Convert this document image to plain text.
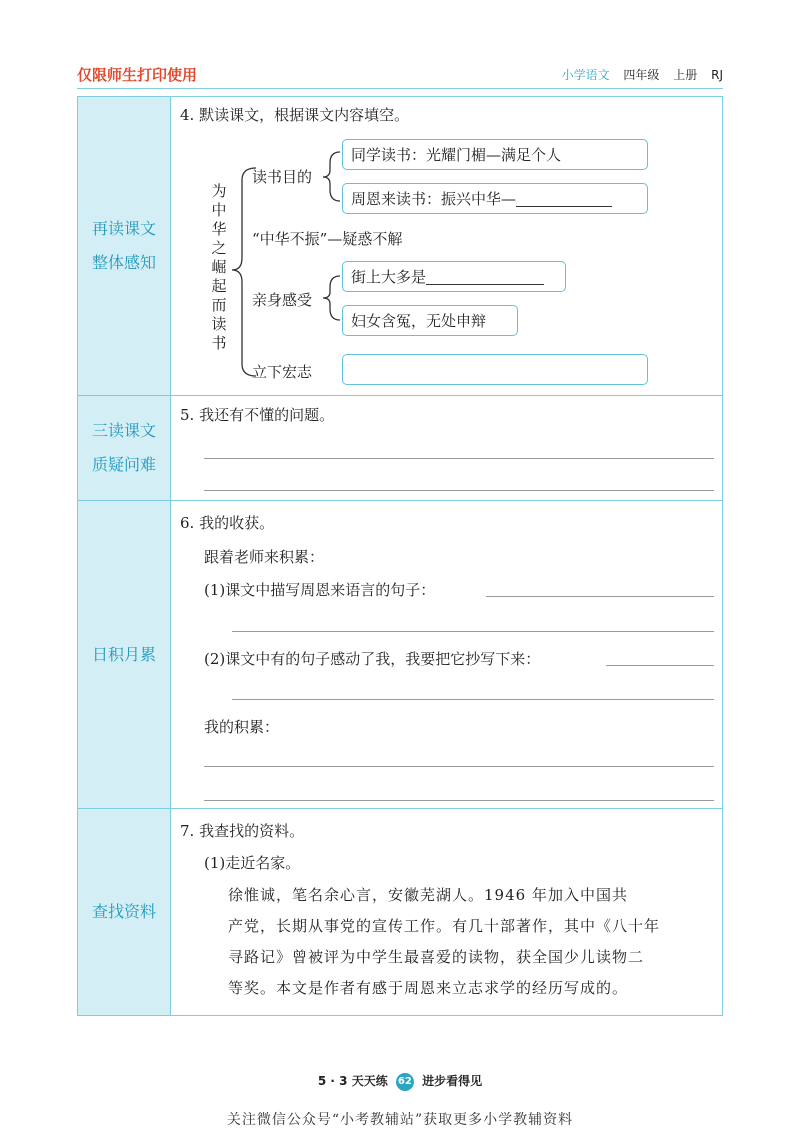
仅限师生打印使用	小学语文 四年级 上册 RJ
再读课文
整体感知
三读课文
质疑问难
日积月累
查找资料
4. 默读课文，根据课文内容填空。
为
中
华
之
崛
起
而
读
书
读书目的
同学读书：光耀门楣—满足个人
周恩来读书：振兴中华—
“中华不振”—疑惑不解
亲身感受
街上大多是
妇女含冤，无处申辩
立下宏志
5. 我还有不懂的问题。
6. 我的收获。
跟着老师来积累：
(1)课文中描写周恩来语言的句子：
(2)课文中有的句子感动了我，我要把它抄写下来：
我的积累：
7. 我查找的资料。
(1)走近名家。
徐惟诚，笔名余心言，安徽芜湖人。1946 年加入中国共
产党，长期从事党的宣传工作。有几十部著作，其中《八十年
寻路记》曾被评为中学生最喜爱的读物，获全国少儿读物二
等奖。本文是作者有感于周恩来立志求学的经历写成的。
5 · 3 天天练 62 进步看得见
关注微信公众号“小考教辅站”获取更多小学教辅资料
